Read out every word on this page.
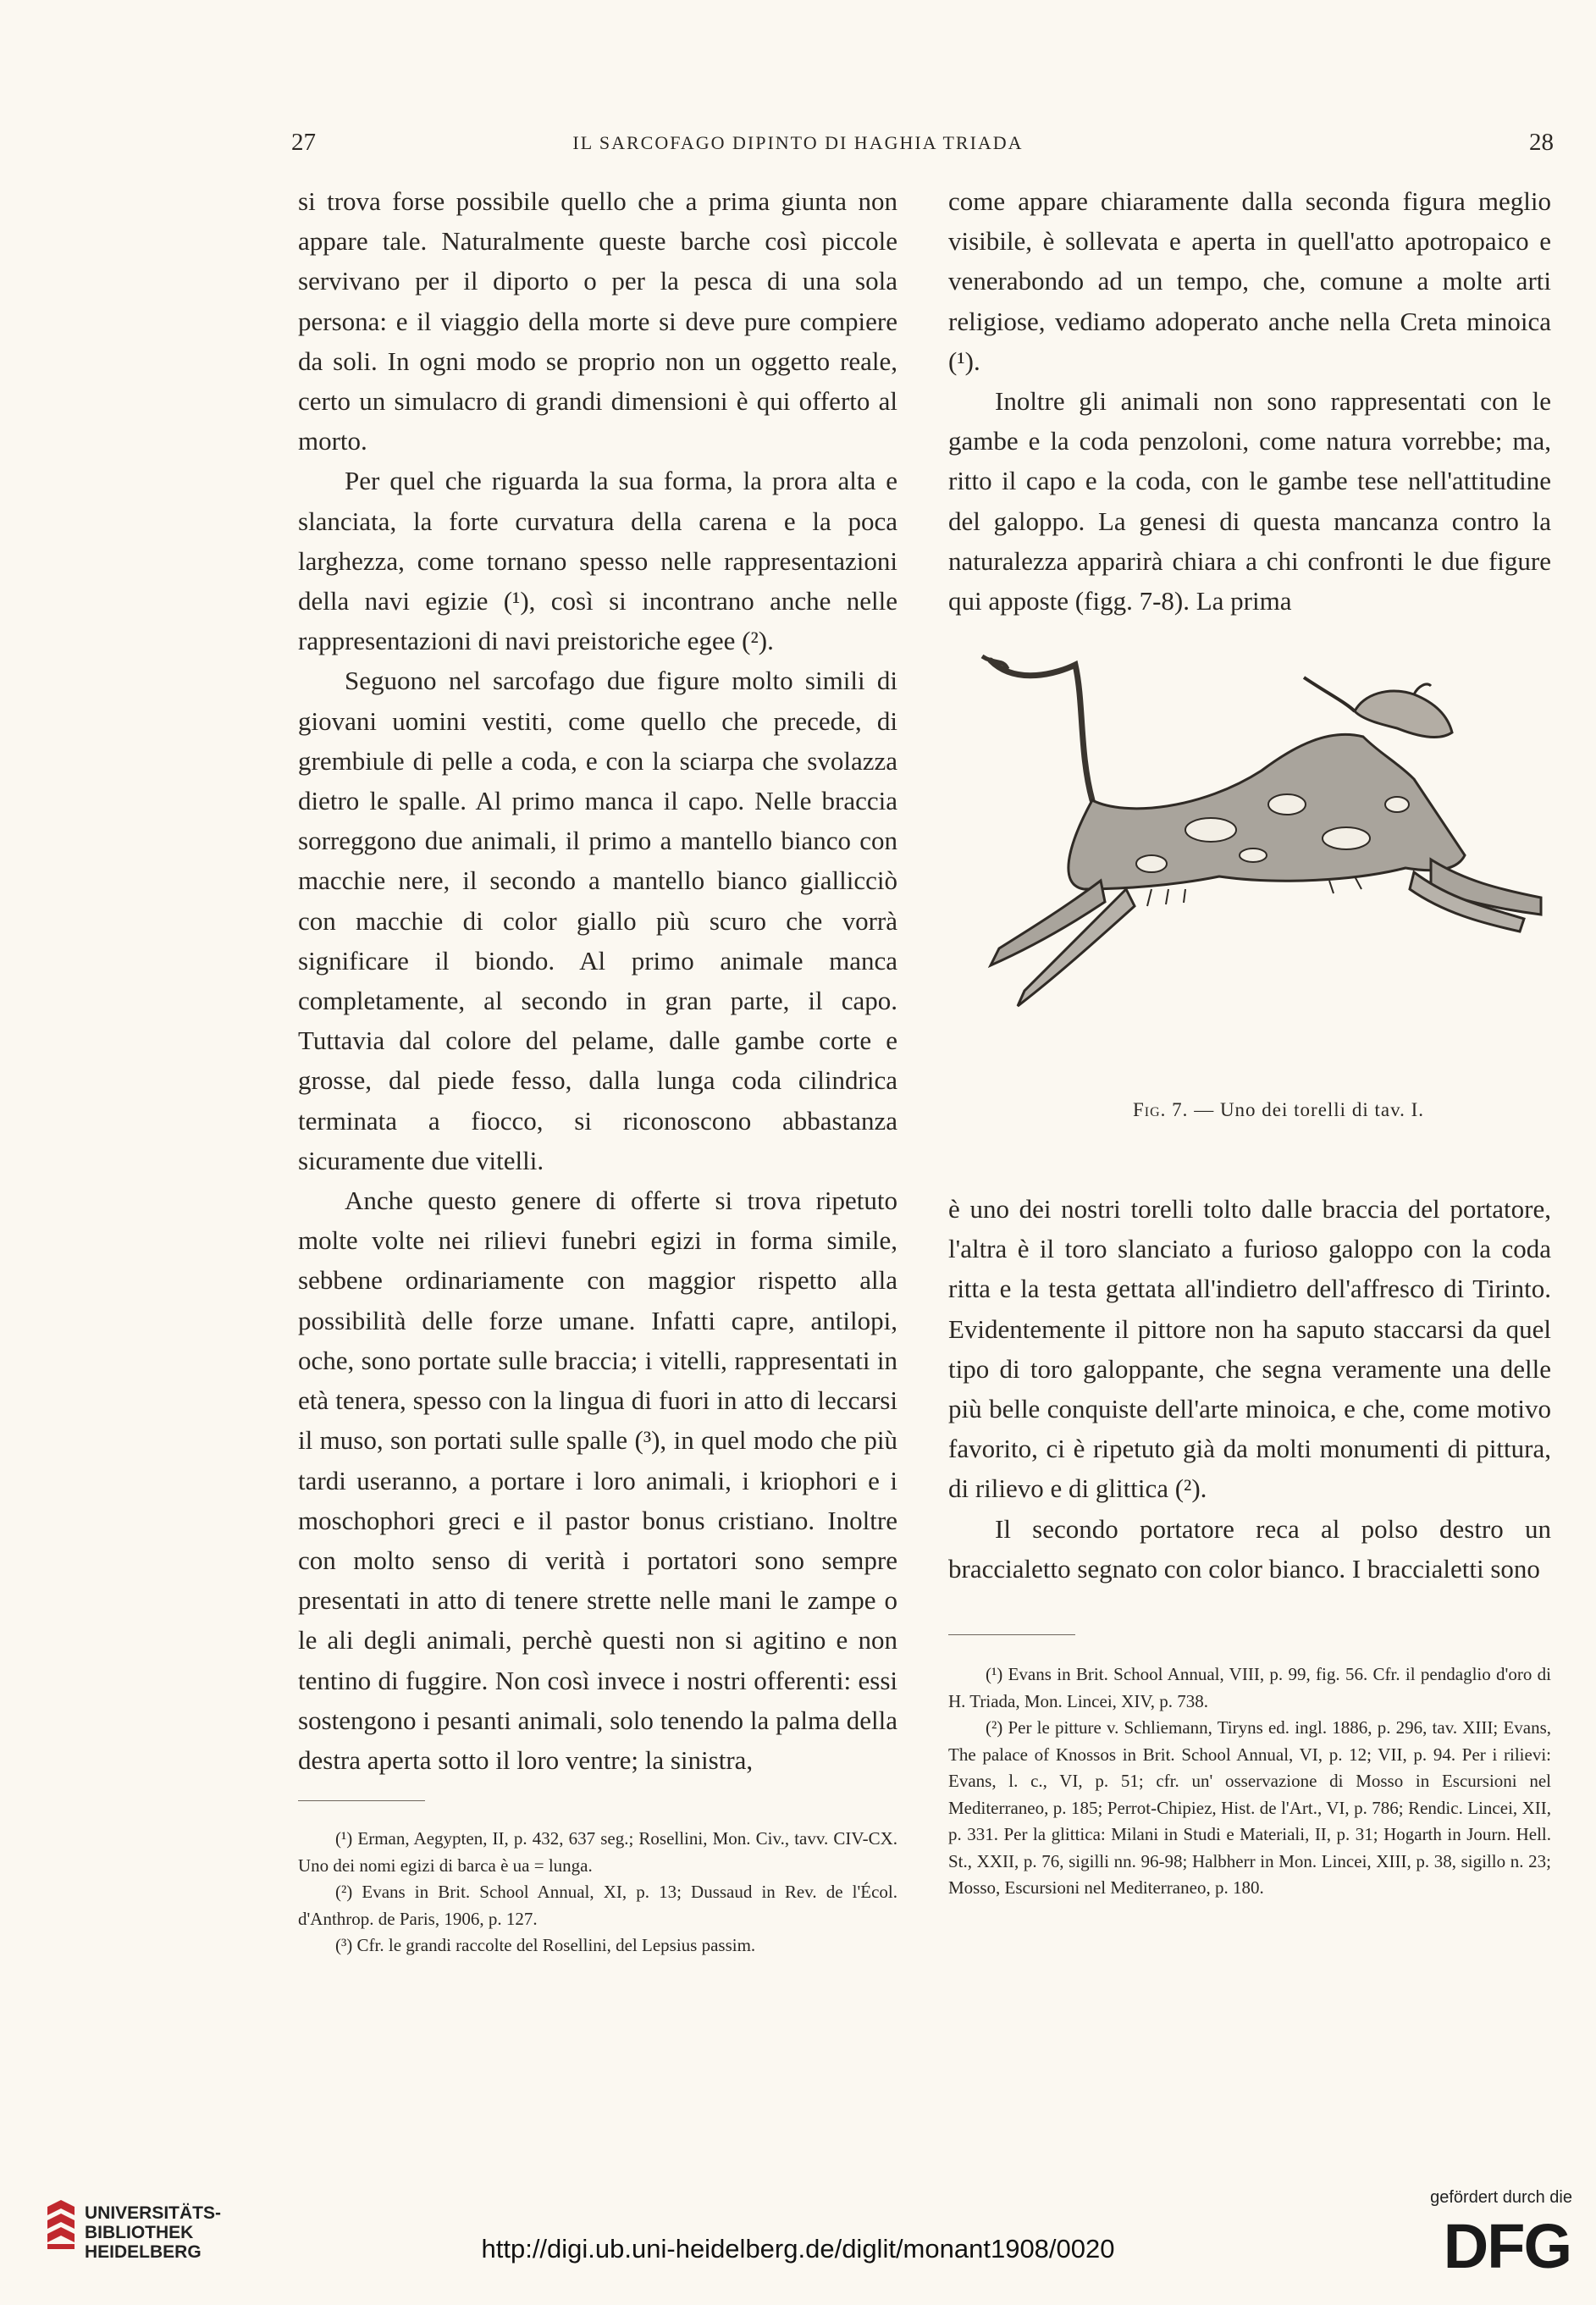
27	IL SARCOFAGO DIPINTO DI HAGHIA TRIADA	28

si trova forse possibile quello che a prima giunta non appare tale. Naturalmente queste barche così piccole servivano per il diporto o per la pesca di una sola persona: e il viaggio della morte si deve pure compiere da soli. In ogni modo se proprio non un oggetto reale, certo un simulacro di grandi dimensioni è qui offerto al morto.

Per quel che riguarda la sua forma, la prora alta e slanciata, la forte curvatura della carena e la poca larghezza, come tornano spesso nelle rappresentazioni della navi egizie (¹), così si incontrano anche nelle rappresentazioni di navi preistoriche egee (²).

Seguono nel sarcofago due figure molto simili di giovani uomini vestiti, come quello che precede, di grembiule di pelle a coda, e con la sciarpa che svolazza dietro le spalle. Al primo manca il capo. Nelle braccia sorreggono due animali, il primo a mantello bianco con macchie nere, il secondo a mantello bianco giallicciò con macchie di color giallo più scuro che vorrà significare il biondo. Al primo animale manca completamente, al secondo in gran parte, il capo. Tuttavia dal colore del pelame, dalle gambe corte e grosse, dal piede fesso, dalla lunga coda cilindrica terminata a fiocco, si riconoscono abbastanza sicuramente due vitelli.

Anche questo genere di offerte si trova ripetuto molte volte nei rilievi funebri egizi in forma simile, sebbene ordinariamente con maggior rispetto alla possibilità delle forze umane. Infatti capre, antilopi, oche, sono portate sulle braccia; i vitelli, rappresentati in età tenera, spesso con la lingua di fuori in atto di leccarsi il muso, son portati sulle spalle (³), in quel modo che più tardi useranno, a portare i loro animali, i kriophori e i moschophori greci e il pastor bonus cristiano. Inoltre con molto senso di verità i portatori sono sempre presentati in atto di tenere strette nelle mani le zampe o le ali degli animali, perchè questi non si agitino e non tentino di fuggire. Non così invece i nostri offerenti: essi sostengono i pesanti animali, solo tenendo la palma della destra aperta sotto il loro ventre; la sinistra,

come appare chiaramente dalla seconda figura meglio visibile, è sollevata e aperta in quell'atto apotropaico e venerabondo ad un tempo, che, comune a molte arti religiose, vediamo adoperato anche nella Creta minoica (¹).

Inoltre gli animali non sono rappresentati con le gambe e la coda penzoloni, come natura vorrebbe; ma, ritto il capo e la coda, con le gambe tese nell'attitudine del galoppo. La genesi di questa mancanza contro la naturalezza apparirà chiara a chi confronti le due figure qui apposte (figg. 7-8). La prima

Fig. 7. — Uno dei torelli di tav. I.

è uno dei nostri torelli tolto dalle braccia del portatore, l'altra è il toro slanciato a furioso galoppo con la coda ritta e la testa gettata all'indietro dell'affresco di Tirinto. Evidentemente il pittore non ha saputo staccarsi da quel tipo di toro galoppante, che segna veramente una delle più belle conquiste dell'arte minoica, e che, come motivo favorito, ci è ripetuto già da molti monumenti di pittura, di rilievo e di glittica (²).

Il secondo portatore reca al polso destro un braccialetto segnato con color bianco. I braccialetti sono

(¹) Erman, Aegypten, II, p. 432, 637 seg.; Rosellini, Mon. Civ., tavv. CIV-CX. Uno dei nomi egizi di barca è ua = lunga.

(²) Evans in Brit. School Annual, XI, p. 13; Dussaud in Rev. de l'Écol. d'Anthrop. de Paris, 1906, p. 127.

(³) Cfr. le grandi raccolte del Rosellini, del Lepsius passim.

(¹) Evans in Brit. School Annual, VIII, p. 99, fig. 56. Cfr. il pendaglio d'oro di H. Triada, Mon. Lincei, XIV, p. 738.

(²) Per le pitture v. Schliemann, Tiryns ed. ingl. 1886, p. 296, tav. XIII; Evans, The palace of Knossos in Brit. School Annual, VI, p. 12; VII, p. 94. Per i rilievi: Evans, l. c., VI, p. 51; cfr. un' osservazione di Mosso in Escursioni nel Mediterraneo, p. 185; Perrot-Chipiez, Hist. de l'Art., VI, p. 786; Rendic. Lincei, XII, p. 331. Per la glittica: Milani in Studi e Materiali, II, p. 31; Hogarth in Journ. Hell. St., XXII, p. 76, sigilli nn. 96-98; Halbherr in Mon. Lincei, XIII, p. 38, sigillo n. 23; Mosso, Escursioni nel Mediterraneo, p. 180.

UNIVERSITÄTS-
BIBLIOTHEK
HEIDELBERG	http://digi.ub.uni-heidelberg.de/diglit/monant1908/0020
gefördert durch die
DFG
